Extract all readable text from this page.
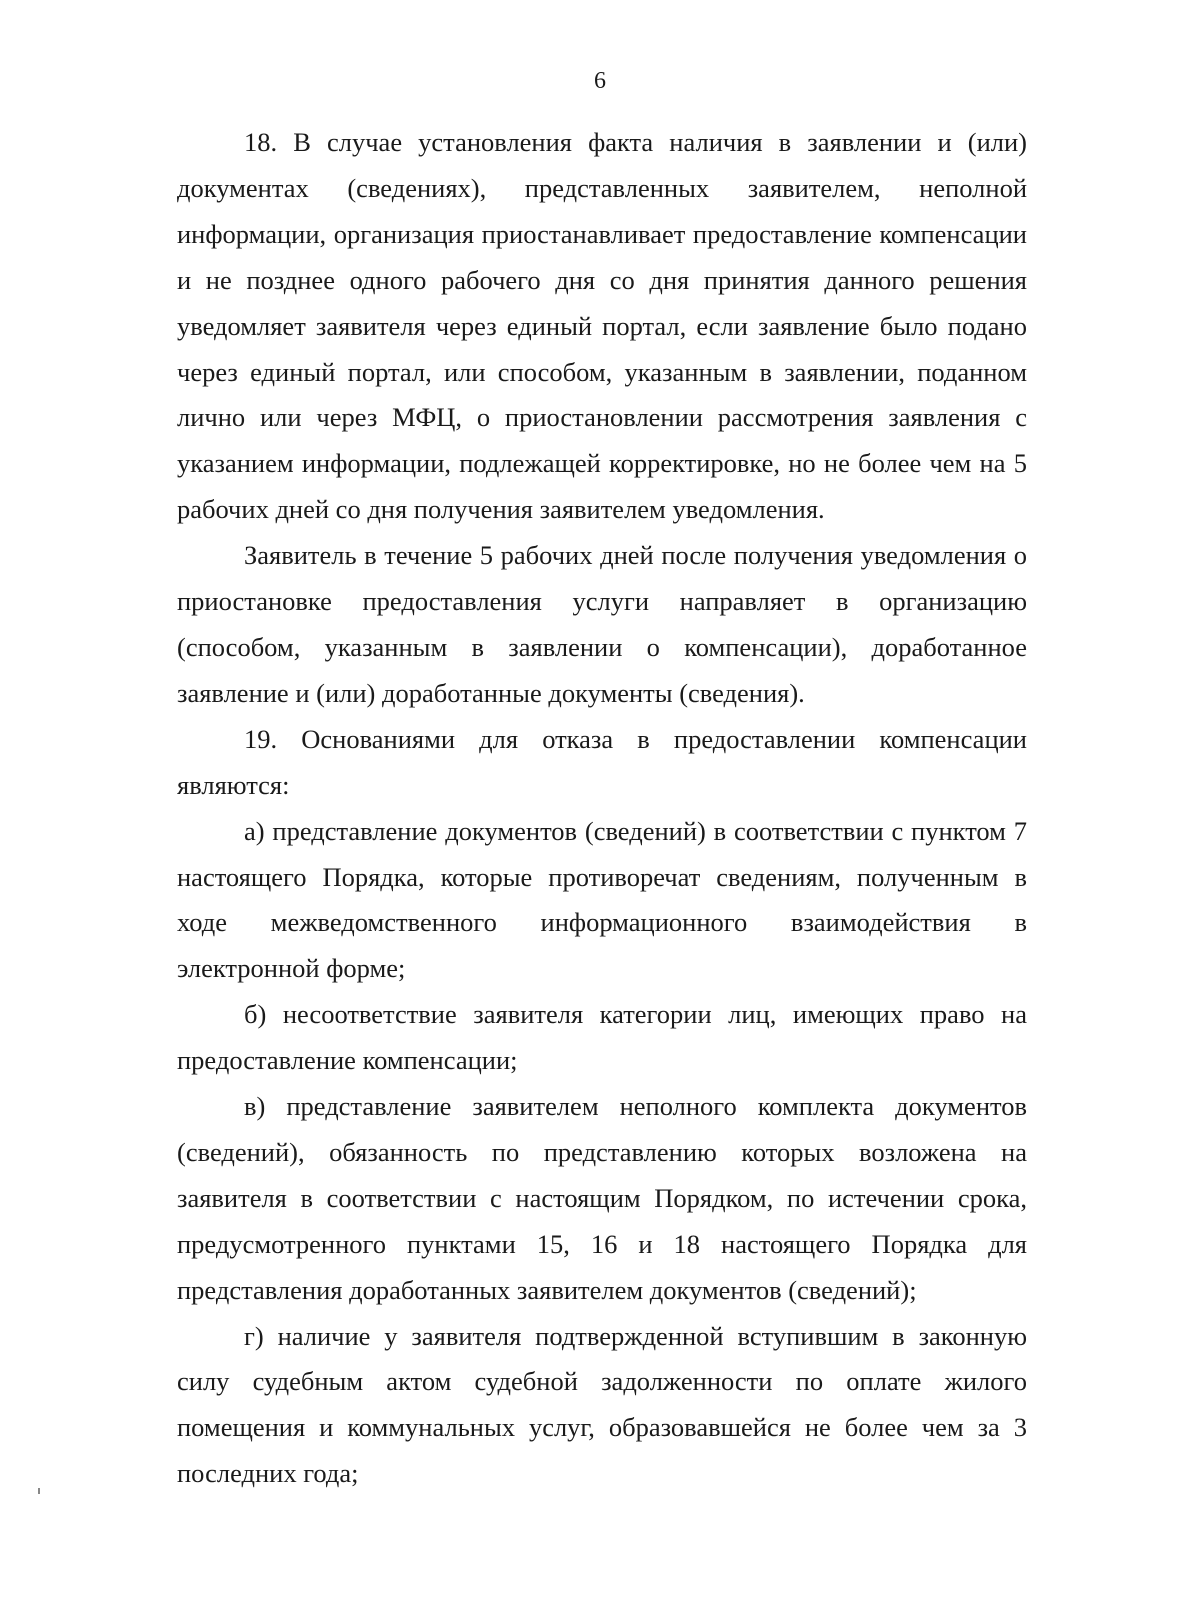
6

18. В случае установления факта наличия в заявлении и (или) документах (сведениях), представленных заявителем, неполной информации, организация приостанавливает предоставление компенсации и не позднее одного рабочего дня со дня принятия данного решения уведомляет заявителя через единый портал, если заявление было подано через единый портал, или способом, указанным в заявлении, поданном лично или через МФЦ, о приостановлении рассмотрения заявления с указанием информации, подлежащей корректировке, но не более чем на 5 рабочих дней со дня получения заявителем уведомления.

Заявитель в течение 5 рабочих дней после получения уведомления о приостановке предоставления услуги направляет в организацию (способом, указанным в заявлении о компенсации), доработанное заявление и (или) доработанные документы (сведения).

19. Основаниями для отказа в предоставлении компенсации являются:

а) представление документов (сведений) в соответствии с пунктом 7 настоящего Порядка, которые противоречат сведениям, полученным в ходе межведомственного информационного взаимодействия в электронной форме;

б) несоответствие заявителя категории лиц, имеющих право на предоставление компенсации;

в) представление заявителем неполного комплекта документов (сведений), обязанность по представлению которых возложена на заявителя в соответствии с настоящим Порядком, по истечении срока, предусмотренного пунктами 15, 16 и 18 настоящего Порядка для представления доработанных заявителем документов (сведений);

г) наличие у заявителя подтвержденной вступившим в законную силу судебным актом судебной задолженности по оплате жилого помещения и коммунальных услуг, образовавшейся не более чем за 3 последних года;
